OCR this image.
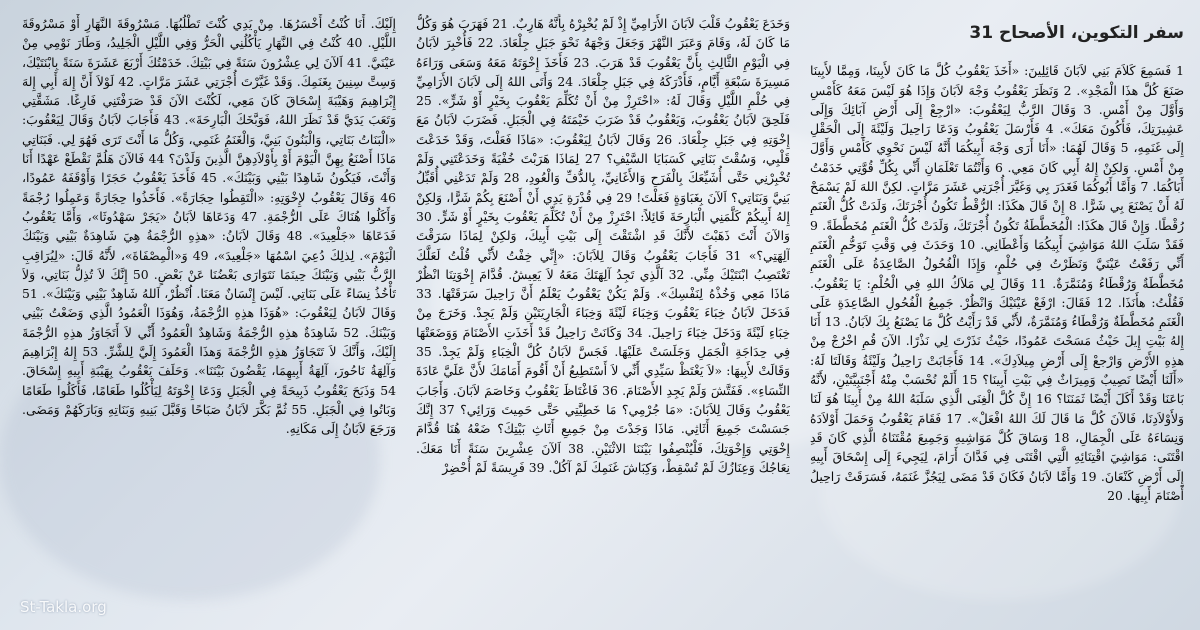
سفر التكوين، الأصحاح 31
1 فَسَمِعَ كَلاَمَ بَنِي لاَبَانَ قَائِلِينَ: «أَخَذَ يَعْقُوبُ كُلَّ مَا كَانَ لأَبِينَا، وَمِمَّا لأَبِينَا صَنَعَ كُلَّ هذَا الْمَجْدِ». 2 وَنَظَرَ يَعْقُوبُ وَجْهَ لاَبَانَ وَإِذَا هُوَ لَيْسَ مَعَهُ كَأَمْسِ وَأَوَّلَ مِنْ أَمْسِ. 3 وَقَالَ الرَّبُّ لِيَعْقُوبَ: «ارْجِعْ إِلَى أَرْضِ آبَائِكَ وَإِلَى عَشِيرَتِكَ، فَأَكُونَ مَعَكَ». 4 فَأَرْسَلَ يَعْقُوبُ وَدَعَا رَاحِيلَ وَلَيْئَةَ إِلَى الْحَقْلِ إِلَى غَنَمِهِ، 5 وَقَالَ لَهُمَا: «أَنَا أَرَى وَجْهَ أَبِيكُمَا أَنَّهُ لَيْسَ نَحْوِي كَأَمْسِ وَأَوَّلَ مِنْ أَمْسِ. وَلكِنْ إِلهُ أَبِي كَانَ مَعِي. 6 وَأَنْتُمَا تَعْلَمَانِ أَنِّي بِكُلِّ قُوَّتِي خَدَمْتُ أَبَاكُمَا. 7 وَأَمَّا أَبُوكُمَا فَغَدَرَ بِي وَغَيَّرَ أُجْرَتِي عَشَرَ مَرَّاتٍ. لكِنَّ اللهَ لَمْ يَسْمَحْ لَهُ أَنْ يَصْنَعَ بِي شَرًّا. 8 إِنْ قَالَ هكَذَا: الرُّقْطُ تَكُونُ أُجْرَتَكَ، وَلَدَتْ كُلُّ الْغَنَمِ رُقْطًا. وَإِنْ قَالَ هكَذَا: الْمُخَطَّطَةُ تَكُونُ أُجْرَتَكَ، وَلَدَتْ كُلُّ الْغَنَمِ مُخَطَّطَةً. 9 فَقَدْ سَلَبَ اللهُ مَوَاشِيَ أَبِيكُمَا وَأَعْطَانِي. 10 وَحَدَثَ فِي وَقْتِ تَوَحُّمِ الْغَنَمِ أَنِّي رَفَعْتُ عَيْنَيَّ وَنَظَرْتُ فِي حُلْمٍ، وَإِذَا الْفُحُولُ الصَّاعِدَةُ عَلَى الْغَنَمِ مُخَطَّطَةٌ وَرُقْطَاءُ وَمُنَمَّرَةٌ. 11 وَقَالَ لِي مَلاَكُ اللهِ فِي الْحُلْمِ: يَا يَعْقُوبُ. فَقُلْتُ: هأَنَذَا. 12 فَقَالَ: ارْفَعْ عَيْنَيْكَ وَانْظُرْ. جَمِيعُ الْفُحُولِ الصَّاعِدَةِ عَلَى الْغَنَمِ مُخَطَّطَةٌ وَرُقْطَاءُ وَمُنَمَّرَةٌ، لأَنِّي قَدْ رَأَيْتُ كُلَّ مَا يَصْنَعُ بِكَ لاَبَانُ. 13 أَنَا إِلهُ بَيْتِ إِيلَ حَيْثُ مَسَحْتَ عَمُودًا، حَيْثُ نَذَرْتَ لِي نَذْرًا. الآنَ قُمِ اخْرُجْ مِنْ هذِهِ الأَرْضِ وَارْجعْ إِلَى أَرْضِ مِيلاَدِكَ». 14 فَأَجَابَتْ رَاحِيلُ وَلَيْئَةُ وَقَالَتَا لَهُ: «أَلَنَا أَيْضًا نَصِيبٌ وَمِيرَاثٌ فِي بَيْتِ أَبِينَا؟ 15 أَلَمْ نُحْسَبْ مِنْهُ أَجْنَبِيَّتَيْنِ، لأَنَّهُ بَاعَنَا وَقَدْ أَكَلَ أَيْضًا ثَمَنَنَا؟ 16 إِنَّ كُلَّ الْغِنَى الَّذِي سَلَبَهُ اللهُ مِنْ أَبِينَا هُوَ لَنَا وَلأَوْلاَدِنَا، فَالآنَ كُلَّ مَا قَالَ لَكَ اللهُ افْعَلْ». 17 فَقَامَ يَعْقُوبُ وَحَمَلَ أَوْلاَدَهُ وَنِسَاءَهُ عَلَى الْجِمَالِ، 18 وَسَاقَ كُلَّ مَوَاشِيهِ وَجَمِيعَ مُقْتَنَاهُ الَّذِي كَانَ قَدِ اقْتَنَى: مَوَاشِيَ اقْتِنَائِهِ الَّتِي اقْتَنَى فِي فَدَّانَ أَرَامَ، لِيَجِيءَ إِلَى إِسْحَاقَ أَبِيهِ إِلَى أَرْضِ كَنْعَانَ. 19 وَأَمَّا لاَبَانُ فَكَانَ قَدْ مَضَى لِيَجُزَّ غَنَمَهُ، فَسَرَقَتْ رَاحِيلُ أَصْنَامَ أَبِيهَا. 20
وَخَدَعَ يَعْقُوبُ قَلْبَ لاَبَانَ الأَرَامِيِّ إِذْ لَمْ يُخْبِرْهُ بِأَنَّهُ هَارِبٌ. 21 فَهَرَبَ هُوَ وَكُلُّ مَا كَانَ لَهُ، وَقَامَ وَعَبَرَ النَّهْرَ وَجَعَلَ وَجْهَهُ نَحْوَ جَبَلِ جِلْعَادَ. 22 فَأُخْبِرَ لاَبَانُ فِي الْيَوْمِ الثَّالِثِ بِأَنَّ يَعْقُوبَ قَدْ هَرَبَ. 23 فَأَخَذَ إِخْوَتَهُ مَعَهُ وَسَعَى وَرَاءَهُ مَسِيرَةَ سَبْعَةِ أَيَّامٍ، فَأَدْرَكَهُ فِي جَبَلِ جِلْعَادَ. 24 وَأَتَى اللهُ إِلَى لاَبَانَ الأَرَامِيِّ فِي حُلْمِ اللَّيْلِ وَقَالَ لَهُ: «احْتَرِزْ مِنْ أَنْ تُكَلِّمَ يَعْقُوبَ بِخَيْرٍ أَوْ شَرٍّ». 25 فَلَحِقَ لاَبَانُ يَعْقُوبَ، وَيَعْقُوبُ قَدْ ضَرَبَ خَيْمَتَهُ فِي الْجَبَلِ. فَضَرَبَ لاَبَانُ مَعَ إِخْوَتِهِ فِي جَبَلِ جِلْعَادَ. 26 وَقَالَ لاَبَانُ لِيَعْقُوبَ: «مَاذَا فَعَلْتَ، وَقَدْ خَدَعْتَ قَلْبِي، وَسُقْتَ بَنَاتِي كَسَبَايَا السَّيْفِ؟ 27 لِمَاذَا هَرَبْتَ خُفْيَةً وَخَدَعْتَنِي وَلَمْ تُخْبِرْنِي حَتَّى أُشَيِّعَكَ بِالْفَرَحِ وَالأَغَانِيِّ، بِالدُّفِّ وَالْعُودِ، 28 وَلَمْ تَدَعْنِي أُقَبِّلُ بَنِيَّ وَبَنَاتِي؟ اَلآنَ بِغَبَاوَةٍ فَعَلْتَ! 29 فِي قُدْرَةِ يَدِي أَنْ أَصْنَعَ بِكُمْ شَرًّا، وَلكِنْ إِلهُ أَبِيكُمْ كَلَّمَنِي الْبَارِحَةَ قَائِلاً: احْتَرِزْ مِنْ أَنْ تُكَلِّمَ يَعْقُوبَ بِخَيْرٍ أَوْ شَرٍّ. 30 وَالآنَ أَنْتَ ذَهَبْتَ لأَنَّكَ قَدِ اشْتَقْتَ إِلَى بَيْتِ أَبِيكَ، وَلكِنْ لِمَاذَا سَرَقْتَ آلِهَتِي؟» 31 فَأَجَابَ يَعْقُوبُ وَقَالَ لِلاَبَانَ: «إِنِّي خِفْتُ لأَنِّي قُلْتُ لَعَلَّكَ تَغْتَصِبُ ابْنَتَيْكَ مِنِّي. 32 اَلَّذِي تَجِدُ آلِهَتَكَ مَعَهُ لاَ يَعِيشُ. قُدَّامَ إِخْوَتِنَا انْظُرْ مَاذَا مَعِي وَخُذْهُ لِنَفْسِكَ». وَلَمْ يَكُنْ يَعْقُوبُ يَعْلَمُ أَنَّ رَاحِيلَ سَرَقَتْهَا. 33 فَدَخَلَ لاَبَانُ خِبَاءَ يَعْقُوبَ وَخِبَاءَ لَيْئَةَ وَخِبَاءَ الْجَارِيَتَيْنِ وَلَمْ يَجِدْ. وَخَرَجَ مِنْ خِبَاءِ لَيْئَةَ وَدَخَلَ خِبَاءَ رَاحِيلَ. 34 وَكَانَتْ رَاحِيلُ قَدْ أَخَذَتِ الأَصْنَامَ وَوَضَعَتْهَا فِي حِدَاجَةِ الْجَمَلِ وَجَلَسَتْ عَلَيْهَا. فَجَسَّ لاَبَانُ كُلَّ الْخِبَاءِ وَلَمْ يَجِدْ. 35 وَقَالَتْ لأَبِيهَا: «لاَ يَغْتَظْ سَيِّدِي أَنِّي لاَ أَسْتَطِيعُ أَنْ أَقُومَ أَمَامَكَ لأَنَّ عَلَيَّ عَادَةَ النِّسَاءِ». فَفَتَّشَ وَلَمْ يَجِدِ الأَصْنَامَ. 36 فَاغْتَاظَ يَعْقُوبُ وَخَاصَمَ لاَبَانَ. وَأَجَابَ يَعْقُوبُ وَقَالَ لِلاَبَانَ: «مَا جُرْمِي؟ مَا خَطِيَّتِي حَتَّى حَمِيتَ وَرَائِي؟ 37 إِنَّكَ جَسَسْتَ جَمِيعَ أَثَاثِي. مَاذَا وَجَدْتَ مِنْ جَمِيعِ أَثَاثِ بَيْتِكَ؟ ضَعْهُ هُنَا قُدَّامَ إِخْوَتِي وَإِخْوَتِكَ، فَلْيُنْصِفُوا بَيْنَنَا الاثْنَيْنِ. 38 اَلآنَ عِشْرِينَ سَنَةً أَنَا مَعَكَ. نِعَاجُكَ وَعِنَازُكَ لَمْ تُسْقِطْ، وَكِبَاشَ غَنَمِكَ لَمْ آكُلْ. 39 فَرِيسَةً لَمْ أُحْضِرْ
إِلَيْكَ. أَنَا كُنْتُ أَخْسَرُهَا. مِنْ يَدِي كُنْتَ تَطْلُبُهَا. مَسْرُوقَةَ النَّهَارِ أَوْ مَسْرُوقَةَ اللَّيْلِ. 40 كُنْتُ فِي النَّهَارِ يَأْكُلُنِي الْحَرُّ وَفِي اللَّيْلِ الْجَلِيدُ، وَطَارَ نَوْمِي مِنْ عَيْنَيَّ. 41 اَلآنَ لِي عِشْرُونَ سَنَةً فِي بَيْتِكَ. خَدَمْتُكَ أَرْبَعَ عَشَرَةَ سَنَةً بِابْنَتَيْكَ، وَسِتَّ سِنِينَ بِغَنَمِكَ. وَقَدْ غَيَّرْتَ أُجْرَتِي عَشَرَ مَرَّاتٍ. 42 لَوْلاَ أَنَّ إِلهَ أَبِي إِلهَ إِبْرَاهِيمَ وَهَيْبَةَ إِسْحَاقَ كَانَ مَعِي، لَكُنْتَ الآنَ قَدْ صَرَفْتَنِي فَارِغًا. مَشَقَّتِي وَتَعَبَ يَدَيَّ قَدْ نَظَرَ اللهُ، فَوَبَّخَكَ الْبَارِحَةَ». 43 فَأَجَابَ لاَبَانُ وَقَالَ لِيَعْقُوبَ: «الْبَنَاتُ بَنَاتِي، وَالْبَنُونَ بَنِيَّ، وَالْغَنَمُ غَنَمِي، وَكُلُّ مَا أَنْتَ تَرَى فَهُوَ لِي. فَبَنَاتِي مَاذَا أَصْنَعُ بِهِنَّ الْيَوْمَ أَوْ بِأَوْلاَدِهِنَّ الَّذِينَ وَلَدْنَ؟ 44 فَالآنَ هَلُمَّ نَقْطَعْ عَهْدًا أَنَا وَأَنْتَ، فَيَكُونُ شَاهِدًا بَيْنِي وَبَيْنَكَ». 45 فَأَخَذَ يَعْقُوبُ حَجَرًا وَأَوْقَفَهُ عَمُودًا، 46 وَقَالَ يَعْقُوبُ لإِخْوَتِهِ: «الْتَقِطُوا حِجَارَةً». فَأَخَذُوا حِجَارَةً وَعَمِلُوا رُجْمَةً وَأَكَلُوا هُنَاكَ عَلَى الرُّجْمَةِ. 47 وَدَعَاهَا لاَبَانُ «يَجَرْ سَهْدُوثَا»، وَأَمَّا يَعْقُوبُ فَدَعَاهَا «جَلْعِيدَ». 48 وَقَالَ لاَبَانُ: «هذِهِ الرُّجْمَةُ هِيَ شَاهِدَةٌ بَيْنِي وَبَيْنَكَ الْيَوْمَ». لِذلِكَ دُعِيَ اسْمُهَا «جَلْعِيدَ»، 49 وَ«الْمِصْفَاةَ»، لأَنَّهُ قَالَ: «لِيُرَاقِبِ الرَّبُّ بَيْنِي وَبَيْنَكَ حِينَمَا نَتَوَارَى بَعْضُنَا عَنْ بَعْضٍ. 50 إِنَّكَ لاَ تُذِلُّ بَنَاتِي، وَلاَ تَأْخُذُ نِسَاءً عَلَى بَنَاتِي. لَيْسَ إِنْسَانٌ مَعَنَا. اُنْظُرْ، اَللهُ شَاهِدٌ بَيْنِي وَبَيْنَكَ». 51 وَقَالَ لاَبَانُ لِيَعْقُوبَ: «هُوَذَا هذِهِ الرُّجْمَةُ، وَهُوَذَا الْعَمُودُ الَّذِي وَضَعْتُ بَيْنِي وَبَيْنَكَ. 52 شَاهِدَةٌ هذِهِ الرُّجْمَةُ وَشَاهِدٌ الْعَمُودُ أَنِّي لاَ أَتَجَاوَزُ هذِهِ الرُّجْمَةَ إِلَيْكَ، وَأَنَّكَ لاَ تَتَجَاوَزُ هذِهِ الرُّجْمَةَ وَهذَا الْعَمُودَ إِلَيَّ لِلشَّرِّ. 53 إِلهُ إِبْرَاهِيمَ وَآلِهَةُ نَاحُورَ، آلِهَةُ أَبِيهِمَا، يَقْضُونَ بَيْنَنَا». وَحَلَفَ يَعْقُوبُ بِهَيْبَةِ أَبِيهِ إِسْحَاقَ. 54 وَذَبَحَ يَعْقُوبُ ذَبِيحَةً فِي الْجَبَلِ وَدَعَا إِخْوَتَهُ لِيَأْكُلُوا طَعَامًا، فَأَكَلُوا طَعَامًا وَبَاتُوا فِي الْجَبَلِ. 55 ثُمَّ بَكَّرَ لاَبَانُ صَبَاحًا وَقَبَّلَ بَنِيهِ وَبَنَاتِهِ وَبَارَكَهُمْ وَمَضَى. وَرَجَعَ لاَبَانُ إِلَى مَكَانِهِ.
St-Takla.org
